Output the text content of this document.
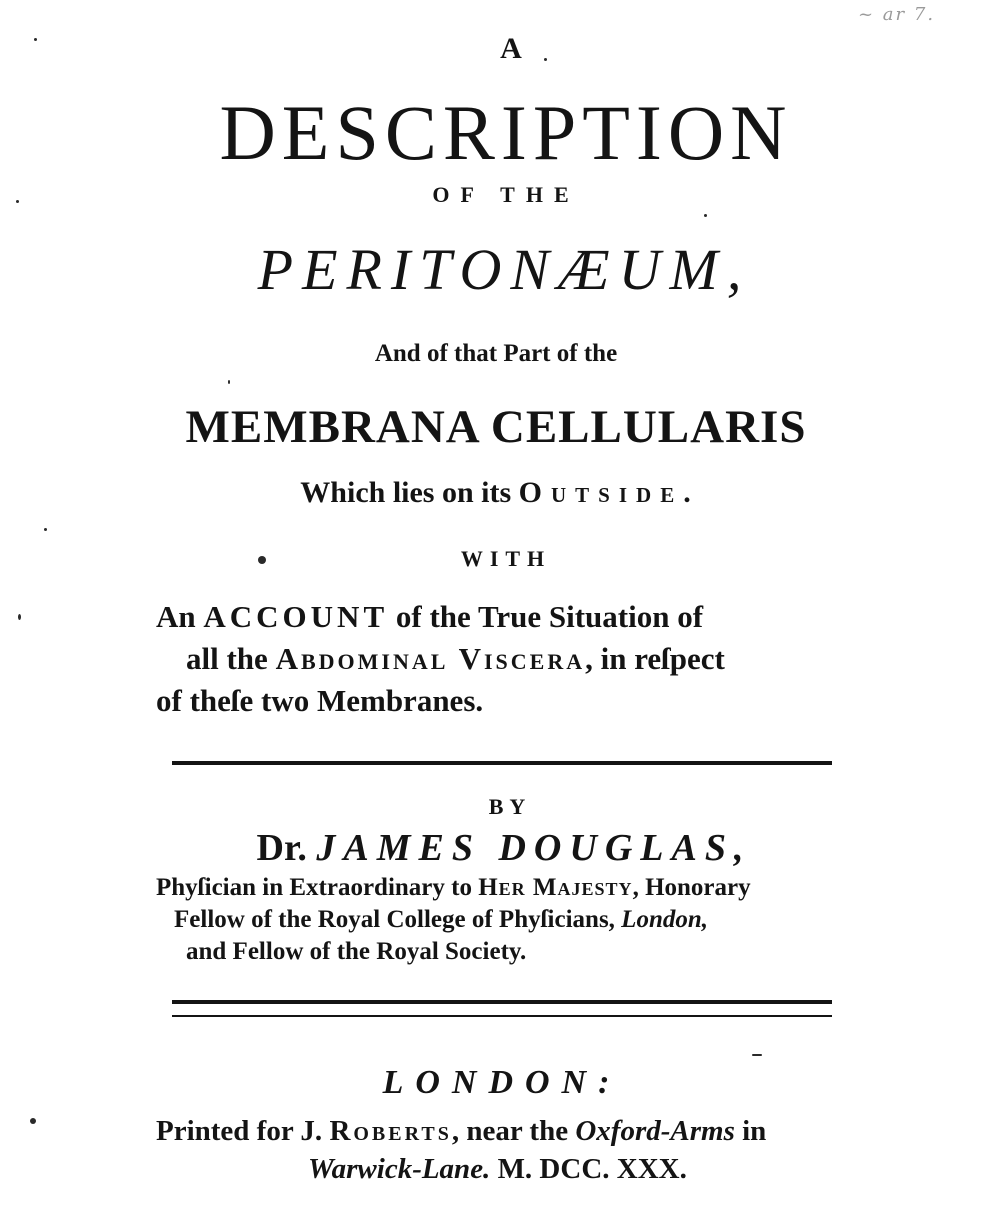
~ ar 7.
A
DESCRIPTION
OF THE
PERITONÆUM,
And of that Part of the
MEMBRANA CELLULARIS
Which lies on its Outside.
WITH
An ACCOUNT of the True Situation of
all the Abdominal Viscera, in reſpect
of theſe two Membranes.
BY
Dr. JAMES DOUGLAS,
Phyſician in Extraordinary to Her Majesty, Honorary
Fellow of the Royal College of Phyſicians, London,
and Fellow of the Royal Society.
LONDON:
Printed for J. Roberts, near the Oxford-Arms in
Warwick-Lane. M. DCC. XXX.
